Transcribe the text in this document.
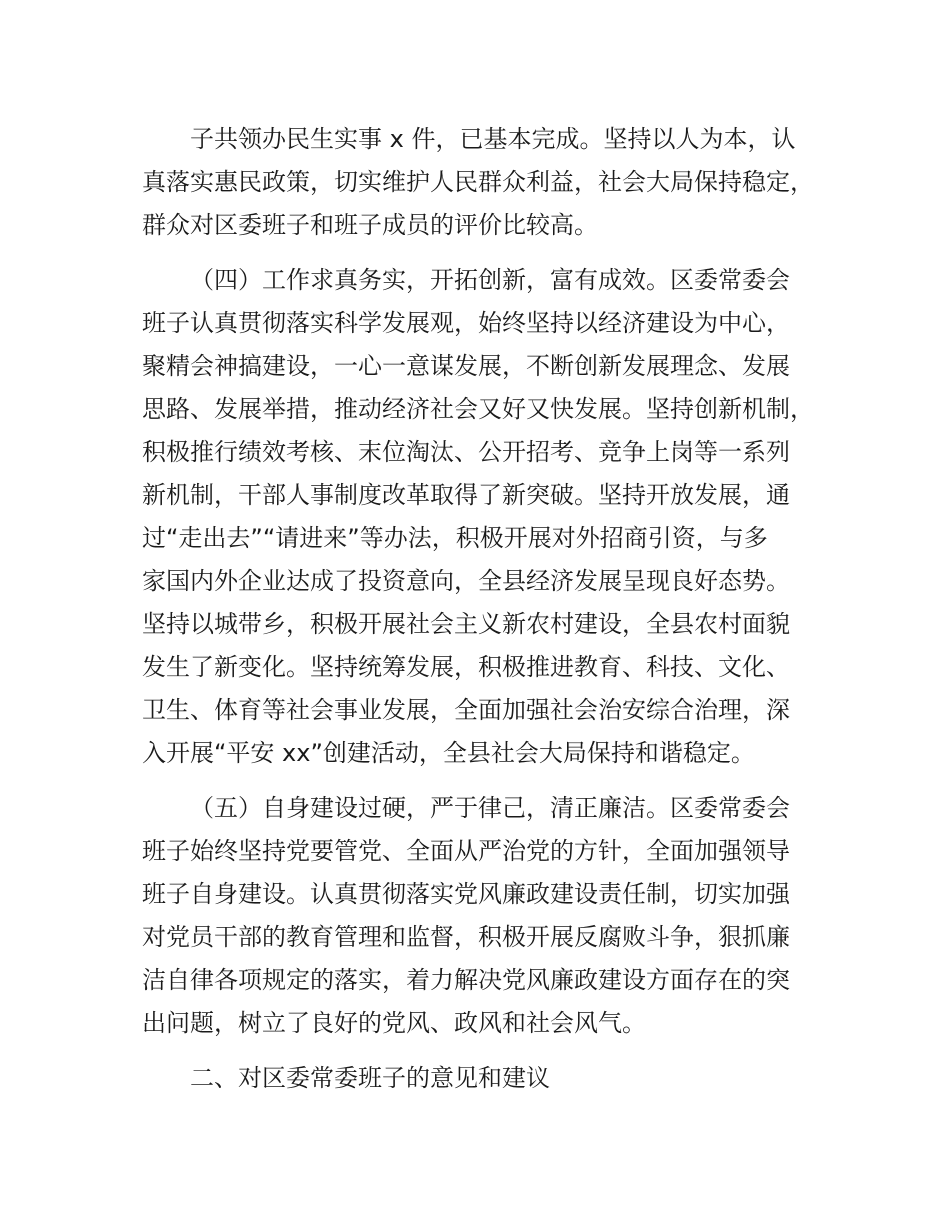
子共领办民生实事 x 件，已基本完成。坚持以人为本，认
真落实惠民政策，切实维护人民群众利益，社会大局保持稳定，
群众对区委班子和班子成员的评价比较高。
（四）工作求真务实，开拓创新，富有成效。区委常委会
班子认真贯彻落实科学发展观，始终坚持以经济建设为中心，
聚精会神搞建设，一心一意谋发展，不断创新发展理念、发展
思路、发展举措，推动经济社会又好又快发展。坚持创新机制，
积极推行绩效考核、末位淘汰、公开招考、竞争上岗等一系列
新机制，干部人事制度改革取得了新突破。坚持开放发展，通
过“走出去”“请进来”等办法，积极开展对外招商引资，与多
家国内外企业达成了投资意向，全县经济发展呈现良好态势。
坚持以城带乡，积极开展社会主义新农村建设，全县农村面貌
发生了新变化。坚持统筹发展，积极推进教育、科技、文化、
卫生、体育等社会事业发展，全面加强社会治安综合治理，深
入开展“平安 xx”创建活动，全县社会大局保持和谐稳定。
（五）自身建设过硬，严于律己，清正廉洁。区委常委会
班子始终坚持党要管党、全面从严治党的方针，全面加强领导
班子自身建设。认真贯彻落实党风廉政建设责任制，切实加强
对党员干部的教育管理和监督，积极开展反腐败斗争，狠抓廉
洁自律各项规定的落实，着力解决党风廉政建设方面存在的突
出问题，树立了良好的党风、政风和社会风气。
二、对区委常委班子的意见和建议
